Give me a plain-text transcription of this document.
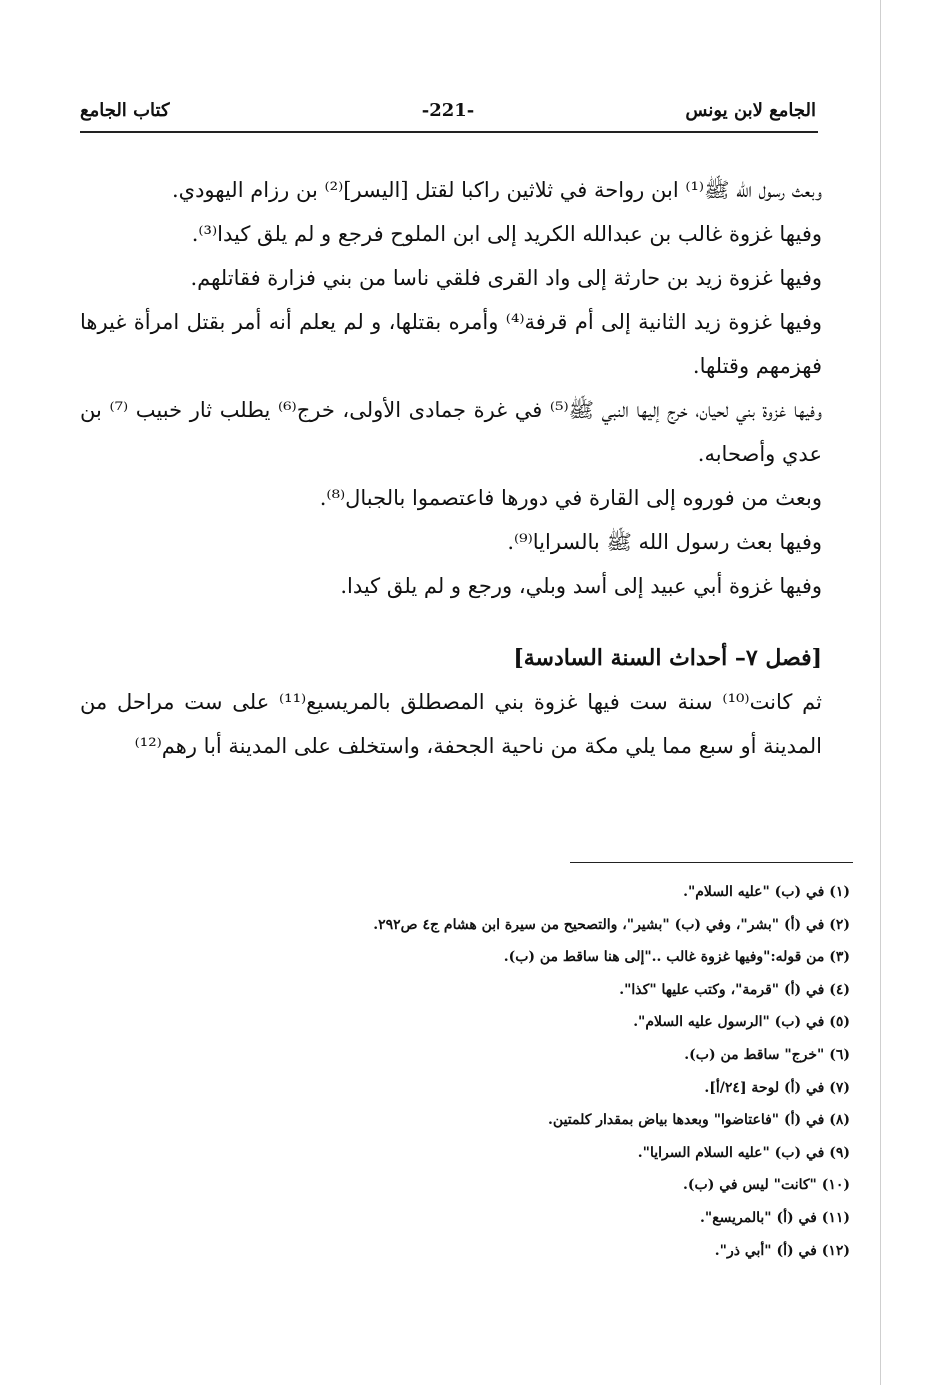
الجامع لابن يونس
-221-
كتاب الجامع

وبعث رسول الله ﷺ⁽¹⁾ ابن رواحة في ثلاثين راكبا لقتل [اليسر]⁽²⁾ بن رزام اليهودي.

وفيها غزوة غالب بن عبدالله الكريد إلى ابن الملوح فرجع و لم يلق كيدا⁽³⁾.

وفيها غزوة زيد بن حارثة إلى واد القرى فلقي ناسا من بني فزارة فقاتلهم.

وفيها غزوة زيد الثانية إلى أم قرفة⁽⁴⁾ وأمره بقتلها، و لم يعلم أنه أمر بقتل امرأة غيرها فهزمهم وقتلها.

وفيها غزوة بني لحيان، خرج إليها النبي ﷺ⁽⁵⁾ في غرة جمادى الأولى، خرج⁽⁶⁾ يطلب ثار خبيب ⁽⁷⁾ بن عدي وأصحابه.

وبعث من فوروه إلى القارة في دورها فاعتصموا بالجبال⁽⁸⁾.

وفيها بعث رسول الله ﷺ بالسرايا⁽⁹⁾.

وفيها غزوة أبي عبيد إلى أسد وبلي، ورجع و لم يلق كيدا.

[فصل ٧– أحداث السنة السادسة]

ثم كانت⁽¹⁰⁾ سنة ست فيها غزوة بني المصطلق بالمريسيع⁽¹¹⁾ على ست مراحل من المدينة أو سبع مما يلي مكة من ناحية الجحفة، واستخلف على المدينة أبا رهم⁽¹²⁾

(١) في (ب) "عليه السلام".
(٢) في (أ) "بشر"، وفي (ب) "بشير"، والتصحيح من سيرة ابن هشام ج٤ ص٢٩٢.
(٣) من قوله:"وفيها غزوة غالب .."إلى هنا ساقط من (ب).
(٤) في (أ) "قرمة"، وكتب عليها "كذا".
(٥) في (ب) "الرسول عليه السلام".
(٦) "خرج" ساقط من (ب).
(٧) في (أ) لوحة [٢٤/أ].
(٨) في (أ) "فاعتاضوا" وبعدها بياض بمقدار كلمتين.
(٩) في (ب) "عليه السلام السرايا".
(١٠) "كانت" ليس في (ب).
(١١) في (أ) "بالمريسع".
(١٢) في (أ) "أبي ذر".
